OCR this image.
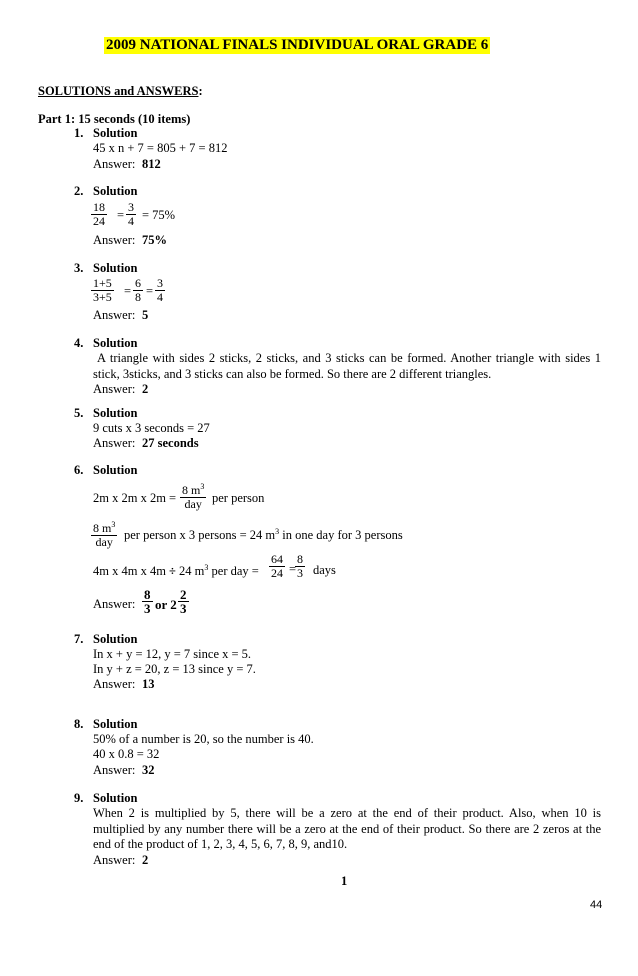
2009 NATIONAL FINALS INDIVIDUAL ORAL GRADE 6
SOLUTIONS and ANSWERS:
Part 1: 15 seconds (10 items)
1. Solution
45 x n + 7 = 805 + 7 = 812
Answer: 812
2. Solution
$\frac{18}{24} = \frac{3}{4} = 75\%$
Answer: 75%
3. Solution
$\frac{1+5}{3+5} = \frac{6}{8} = \frac{3}{4}$
Answer: 5
4. Solution
A triangle with sides 2 sticks, 2 sticks, and 3 sticks can be formed. Another triangle with sides 1 stick, 3sticks, and 3 sticks can also be formed. So there are 2 different triangles.
Answer: 2
5. Solution
9 cuts x 3 seconds = 27
Answer: 27 seconds
6. Solution
2m x 2m x 2m =
8 $m^3$
day per person
8 $m^3$
day per person x 3 persons = 24 $m^3$ in one day for 3 persons
4m x 4m x 4m ÷ 24 $m^3$ per day = $\frac{64}{24}$ =
$\frac{8}{3}$ days
Answer: $\frac{8}{3}$ or $2 \frac{2}{3}$
7. Solution
In x + y = 12, y = 7 since x = 5.
In y + z = 20, z = 13 since y = 7.
Answer: 13
8. Solution
50% of a number is 20, so the number is 40.
40 x 0.8 = 32
Answer: 32
9. Solution
When 2 is multiplied by 5, there will be a zero at the end of their product. Also, when 10 is multiplied by any number there will be a zero at the end of their product. So there are 2 zeros at the end of the product of 1, 2, 3, 4, 5, 6, 7, 8, 9, and10.
Answer: 2
1
44
